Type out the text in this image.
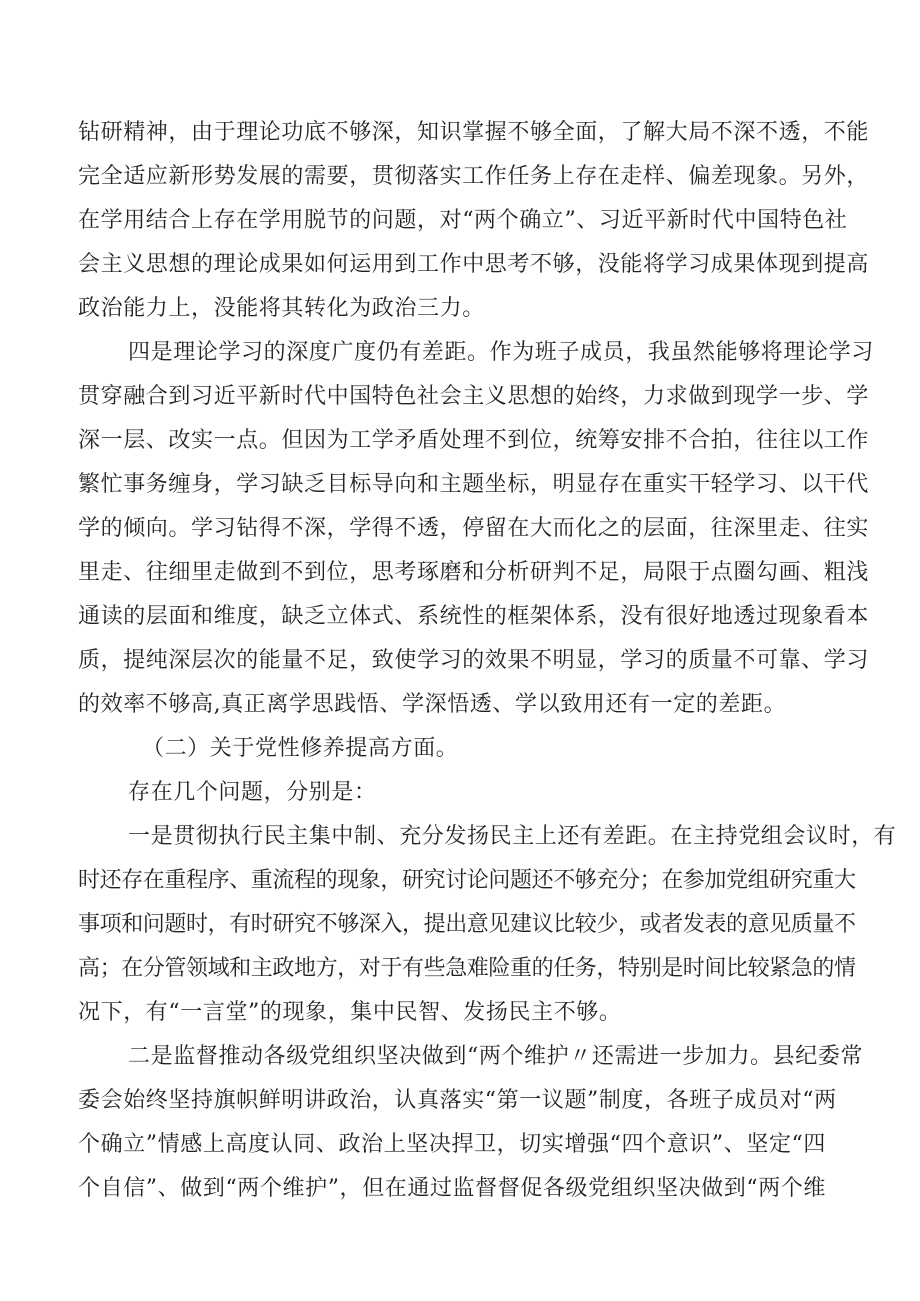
钻研精神，由于理论功底不够深，知识掌握不够全面，了解大局不深不透，不能
完全适应新形势发展的需要，贯彻落实工作任务上存在走样、偏差现象。另外，
在学用结合上存在学用脱节的问题，对“两个确立”、习近平新时代中国特色社
会主义思想的理论成果如何运用到工作中思考不够，没能将学习成果体现到提高
政治能力上，没能将其转化为政治三力。
四是理论学习的深度广度仍有差距。作为班子成员，我虽然能够将理论学习
贯穿融合到习近平新时代中国特色社会主义思想的始终，力求做到现学一步、学
深一层、改实一点。但因为工学矛盾处理不到位，统筹安排不合拍，往往以工作
繁忙事务缠身，学习缺乏目标导向和主题坐标，明显存在重实干轻学习、以干代
学的倾向。学习钻得不深，学得不透，停留在大而化之的层面，往深里走、往实
里走、往细里走做到不到位，思考琢磨和分析研判不足，局限于点圈勾画、粗浅
通读的层面和维度，缺乏立体式、系统性的框架体系，没有很好地透过现象看本
质，提纯深层次的能量不足，致使学习的效果不明显，学习的质量不可靠、学习
的效率不够高,真正离学思践悟、学深悟透、学以致用还有一定的差距。
（二）关于党性修养提高方面。
存在几个问题，分别是：
一是贯彻执行民主集中制、充分发扬民主上还有差距。在主持党组会议时，有
时还存在重程序、重流程的现象，研究讨论问题还不够充分；在参加党组研究重大
事项和问题时，有时研究不够深入，提出意见建议比较少，或者发表的意见质量不
高；在分管领域和主政地方，对于有些急难险重的任务，特别是时间比较紧急的情
况下，有“一言堂”的现象，集中民智、发扬民主不够。
二是监督推动各级党组织坚决做到“两个维护〃还需进一步加力。县纪委常
委会始终坚持旗帜鲜明讲政治，认真落实“第一议题”制度，各班子成员对“两
个确立”情感上高度认同、政治上坚决捍卫，切实增强“四个意识”、坚定“四
个自信”、做到“两个维护”，但在通过监督督促各级党组织坚决做到“两个维
